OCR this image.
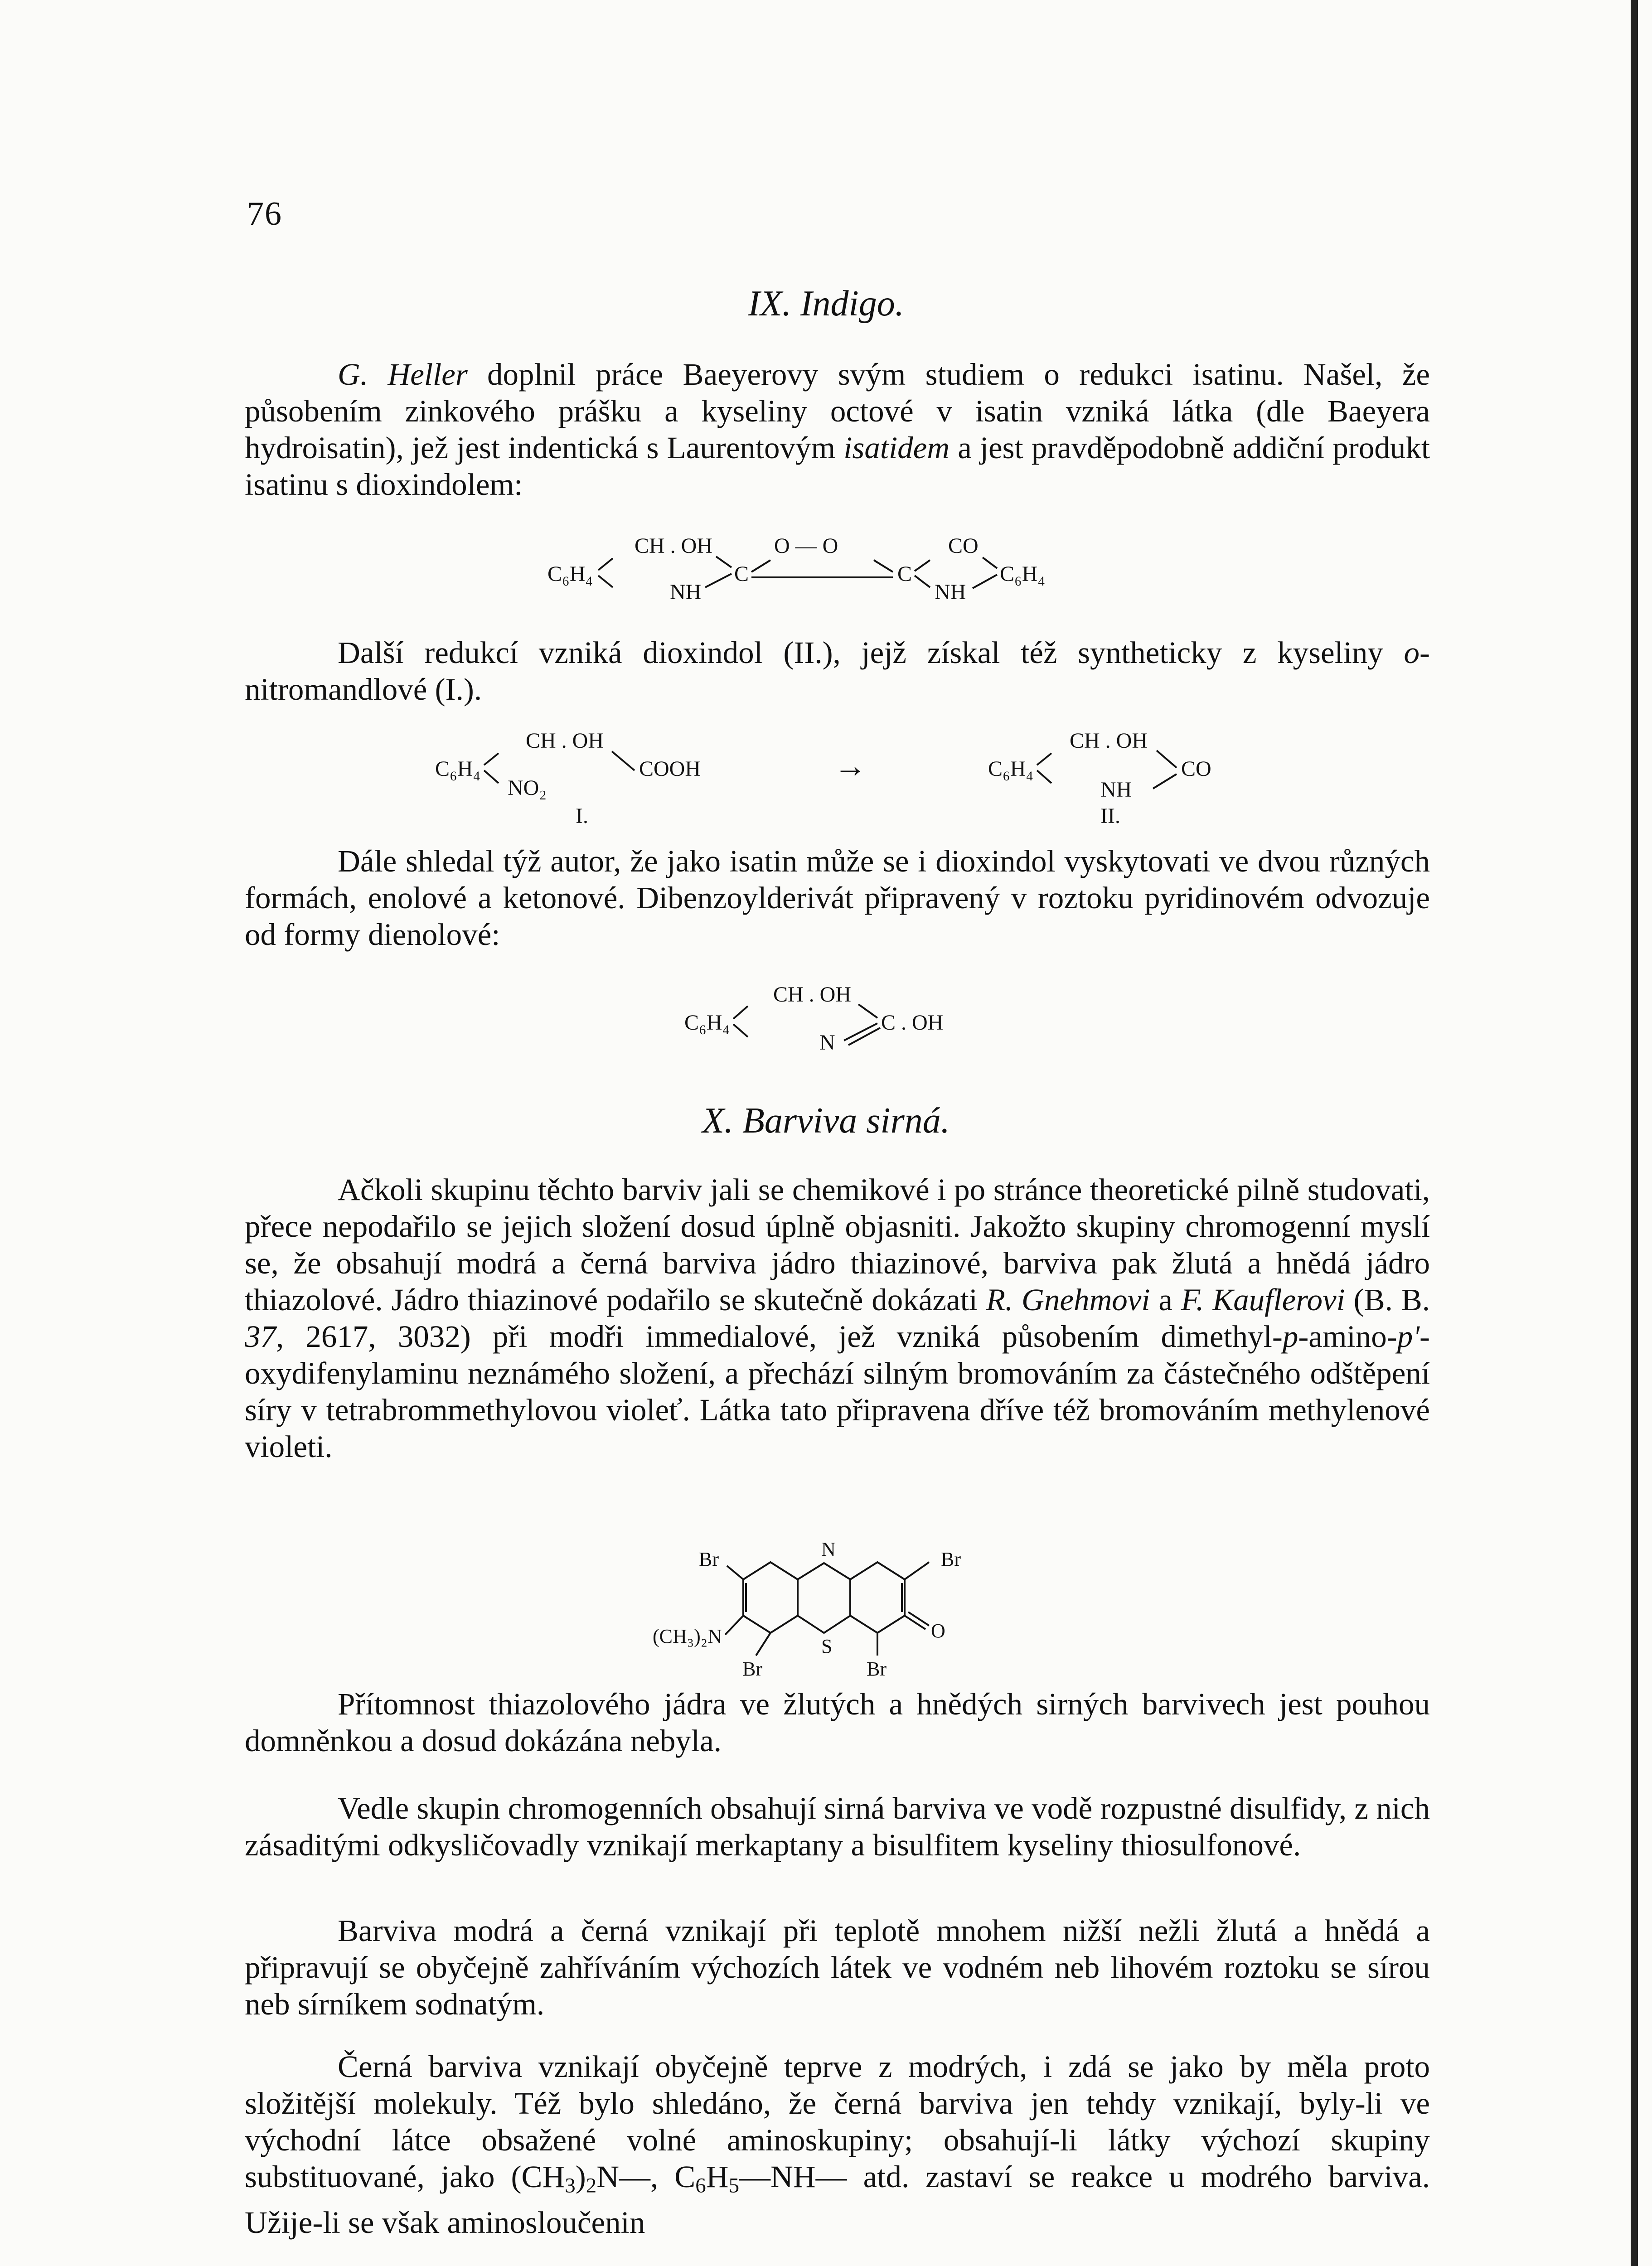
76
IX. Indigo.

G. Heller doplnil práce Baeyerovy svým studiem o redukci isatinu. Našel, že působením zinkového prášku a kyseliny octové v isatin vzniká látka (dle Baeyera hydroisatin), jež jest indentická s Laurentovým isatidem a jest pravděpodobně addiční produkt isatinu s dioxindolem:

C₆H₄
CH . OH
NH
C
O — O
C
CO
NH
C₆H₄

Další redukcí vzniká dioxindol (II.), jejž získal též syntheticky z kyseliny o-nitromandlové (I.).

C₆H₄
CH . OH
COOH
NO₂
I.
→	C₆H₄
CH . OH
CO
NH
II.

Dále shledal týž autor, že jako isatin může se i dioxindol vyskytovati ve dvou různých formách, enolové a ketonové. Dibenzoylderivát připravený v roztoku pyridinovém odvozuje od formy dienolové:

C₆H₄
CH . OH
N
C . OH
X. Barviva sirná.

Ačkoli skupinu těchto barviv jali se chemikové i po stránce theoretické pilně studovati, přece nepodařilo se jejich složení dosud úplně objasniti. Jakožto skupiny chromogenní myslí se, že obsahují modrá a černá barviva jádro thiazinové, barviva pak žlutá a hnědá jádro thiazolové. Jádro thiazinové podařilo se skutečně dokázati R. Gnehmovi a F. Kauflerovi (B. B. 37, 2617, 3032) při modři immedialové, jež vzniká působením dimethyl-p-amino-p'-oxydifenylaminu neznámého složení, a přechází silným bromováním za částečného odštěpení síry v tetrabrommethylovou violeť. Látka tato připravena dříve též bromováním methylenové violeti.

Br	N	Br
(CH₃)₂N	S
O
Br	Br

Přítomnost thiazolového jádra ve žlutých a hnědých sirných barvivech jest pouhou domněnkou a dosud dokázána nebyla.

Vedle skupin chromogenních obsahují sirná barviva ve vodě rozpustné disulfidy, z nich zásaditými odkysličovadly vznikají merkaptany a bisulfitem kyseliny thiosulfonové.

Barviva modrá a černá vznikají při teplotě mnohem nižší nežli žlutá a hnědá a připravují se obyčejně zahříváním výchozích látek ve vodném neb lihovém roztoku se sírou neb sírníkem sodnatým.

Černá barviva vznikají obyčejně teprve z modrých, i zdá se jako by měla proto složitější molekuly. Též bylo shledáno, že černá barviva jen tehdy vznikají, byly-li ve východní látce obsažené volné aminoskupiny; obsahují-li látky výchozí skupiny substituované, jako $(CH_3)_2N—$, $C_6H_5—NH—$ atd. zastaví se reakce u modrého barviva. Užije-li se však aminosloučenin
